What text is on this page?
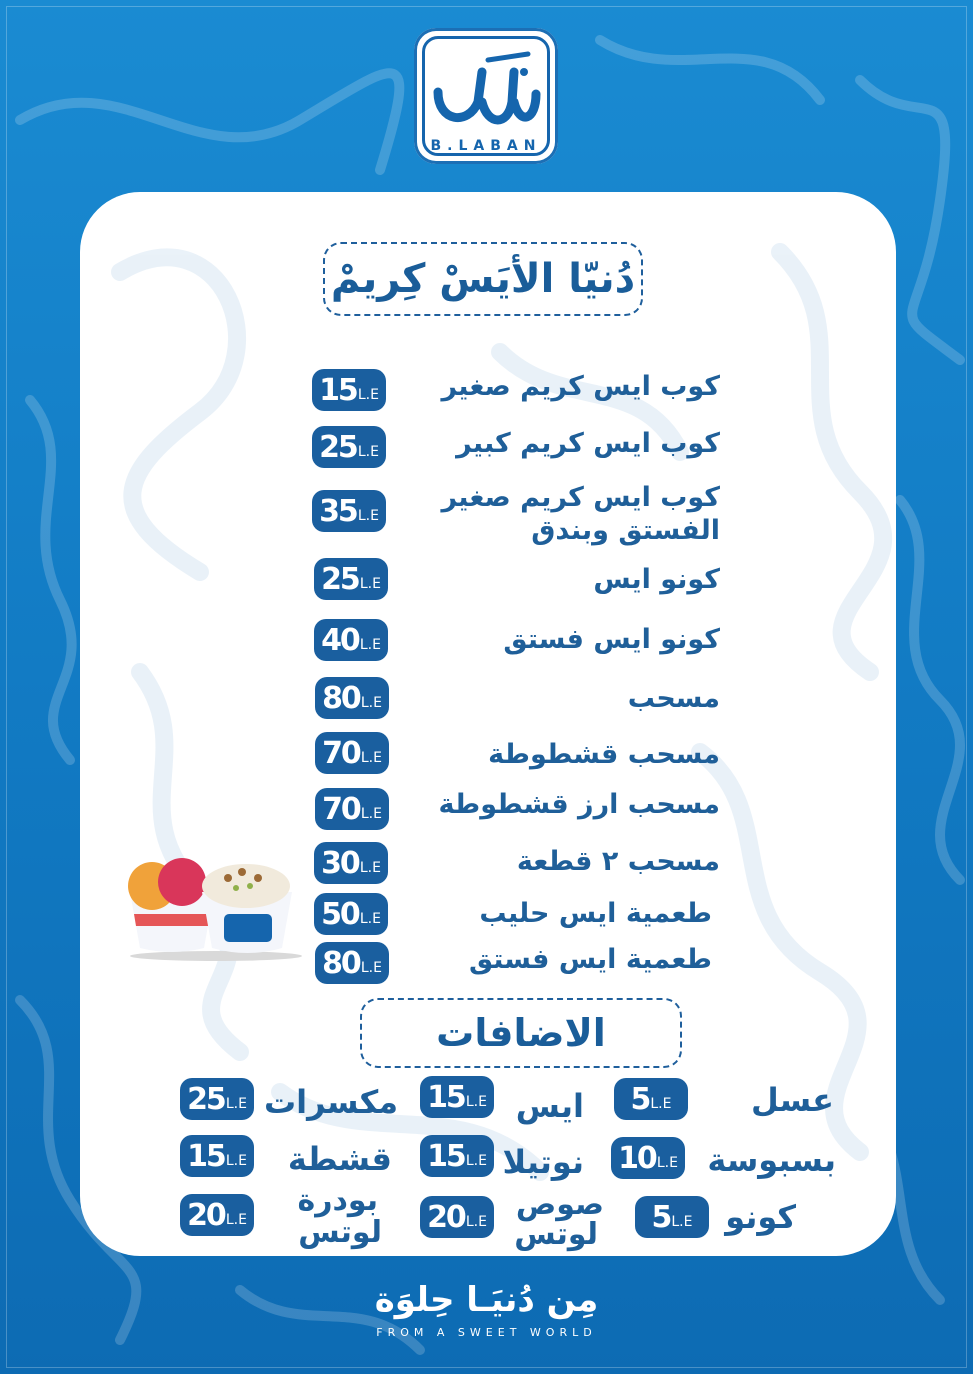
B.LABAN
دُنيّا الأيَسْ كِريمْ
كوب ايس كريم صغير
15 L.E
كوب ايس كريم كبير
25 L.E
كوب ايس كريم صغير
الفستق وبندق
35 L.E
كونو ايس
25 L.E
كونو ايس فستق
40 L.E
مسحب
80 L.E
مسحب قشطوطة
70 L.E
مسحب ارز قشطوطة
70 L.E
مسحب ٢ قطعة
30 L.E
طعمية ايس حليب
50 L.E
طعمية ايس فستق
80 L.E
الاضافات
عسل
5 L.E
ايس
15 L.E
مكسرات
25 L.E
بسبوسة
10 L.E
نوتيلا
15 L.E
قشطة
15 L.E
كونو
5 L.E
صوص
لوتس
20 L.E
بودرة
لوتس
20 L.E
مِن دُنيَـا حِلوَة
FROM A SWEET WORLD
